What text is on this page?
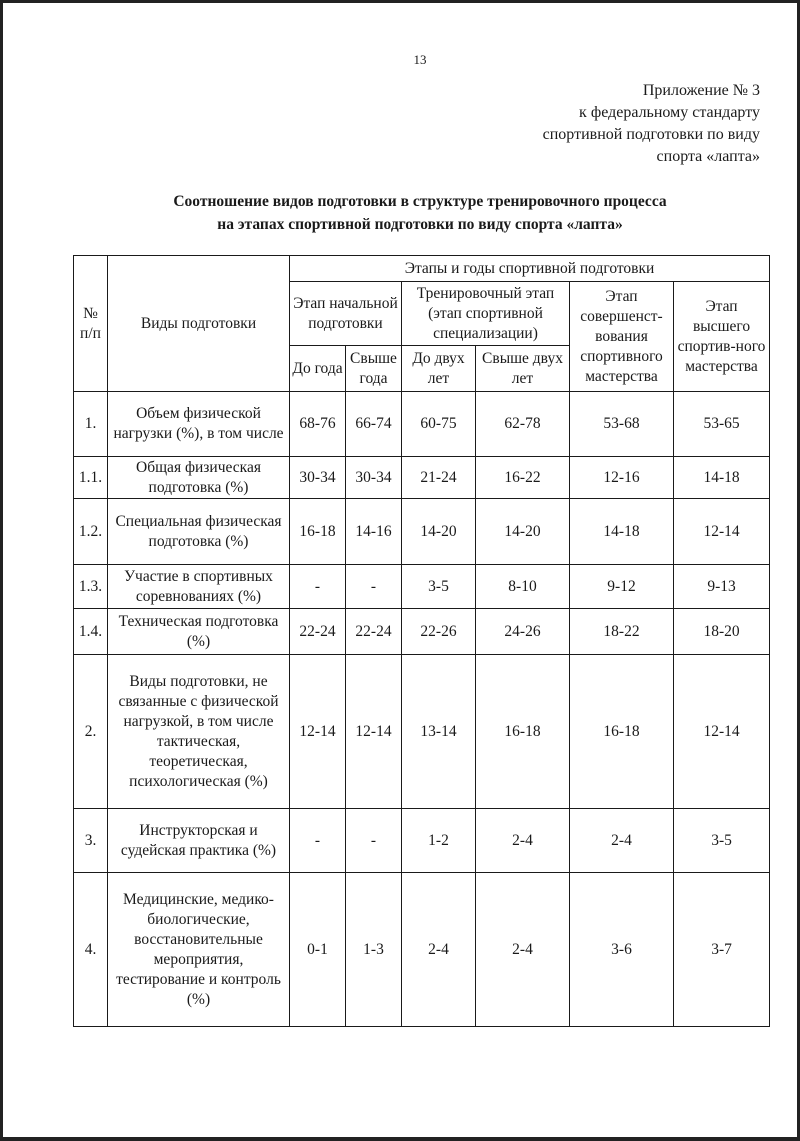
13
Приложение № 3
к федеральному стандарту
спортивной подготовки по виду
спорта «лапта»
Соотношение видов подготовки в структуре тренировочного процесса
на этапах спортивной подготовки по виду спорта «лапта»
№ п/п	Виды подготовки	Этапы и годы спортивной подготовки					
		Этап начальной подготовки		Тренировочный этап (этап спортивной специализации)		Этап совершенст-вования спортивного мастерства	Этап высшего спортив-ного мастерства
		До года	Свыше года	До двух лет	Свыше двух лет		
1.	Объем физической нагрузки (%), в том числе	68-76	66-74	60-75	62-78	53-68	53-65
1.1.	Общая физическая подготовка (%)	30-34	30-34	21-24	16-22	12-16	14-18
1.2.	Специальная физическая подготовка (%)	16-18	14-16	14-20	14-20	14-18	12-14
1.3.	Участие в спортивных соревнованиях (%)	-	-	3-5	8-10	9-12	9-13
1.4.	Техническая подготовка (%)	22-24	22-24	22-26	24-26	18-22	18-20
2.	Виды подготовки, не связанные с физической нагрузкой, в том числе тактическая, теоретическая, психологическая (%)	12-14	12-14	13-14	16-18	16-18	12-14
3.	Инструкторская и судейская практика (%)	-	-	1-2	2-4	2-4	3-5
4.	Медицинские, медико-биологические, восстановительные мероприятия, тестирование и контроль (%)	0-1	1-3	2-4	2-4	3-6	3-7
